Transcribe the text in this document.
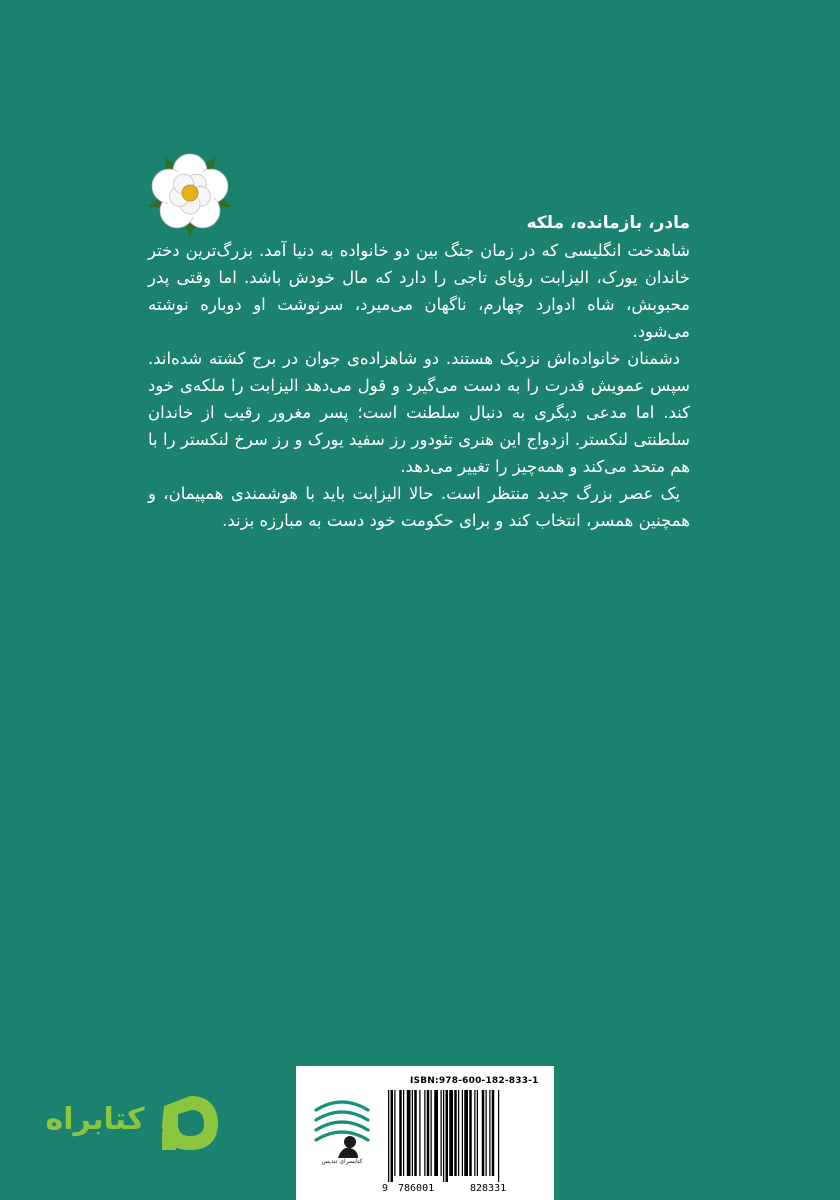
مادر، بازمانده، ملکه

شاهدخت انگلیسی که در زمان جنگ بین دو خانواده به دنیا آمد. بزرگ‌ترین دختر خاندان یورک، الیزابت رؤیای تاجی را دارد که مال خودش باشد. اما وقتی پدر محبوبش، شاه ادوارد چهارم، ناگهان می‌میرد، سرنوشت او دوباره نوشته می‌شود.

دشمنان خانواده‌اش نزدیک هستند. دو شاهزاده‌ی جوان در برج کشته شده‌اند. سپس عمویش قدرت را به دست می‌گیرد و قول می‌دهد الیزابت را ملکه‌ی خود کند. اما مدعی دیگری به دنبال سلطنت است؛ پسر مغرور رقیب از خاندان سلطنتی لنکستر. ازدواج این هنری تئودور رز سفید یورک و رز سرخ لنکستر را با هم متحد می‌کند و همه‌چیز را تغییر می‌دهد.

یک عصر بزرگ جدید منتظر است. حالا الیزابت باید با هوشمندی همپیمان، و همچنین همسر، انتخاب کند و برای حکومت خود دست به مبارزه بزند.

کتابسرای تندیس
ISBN:978-600-182-833-1
9 786001	828331
کتابراه
